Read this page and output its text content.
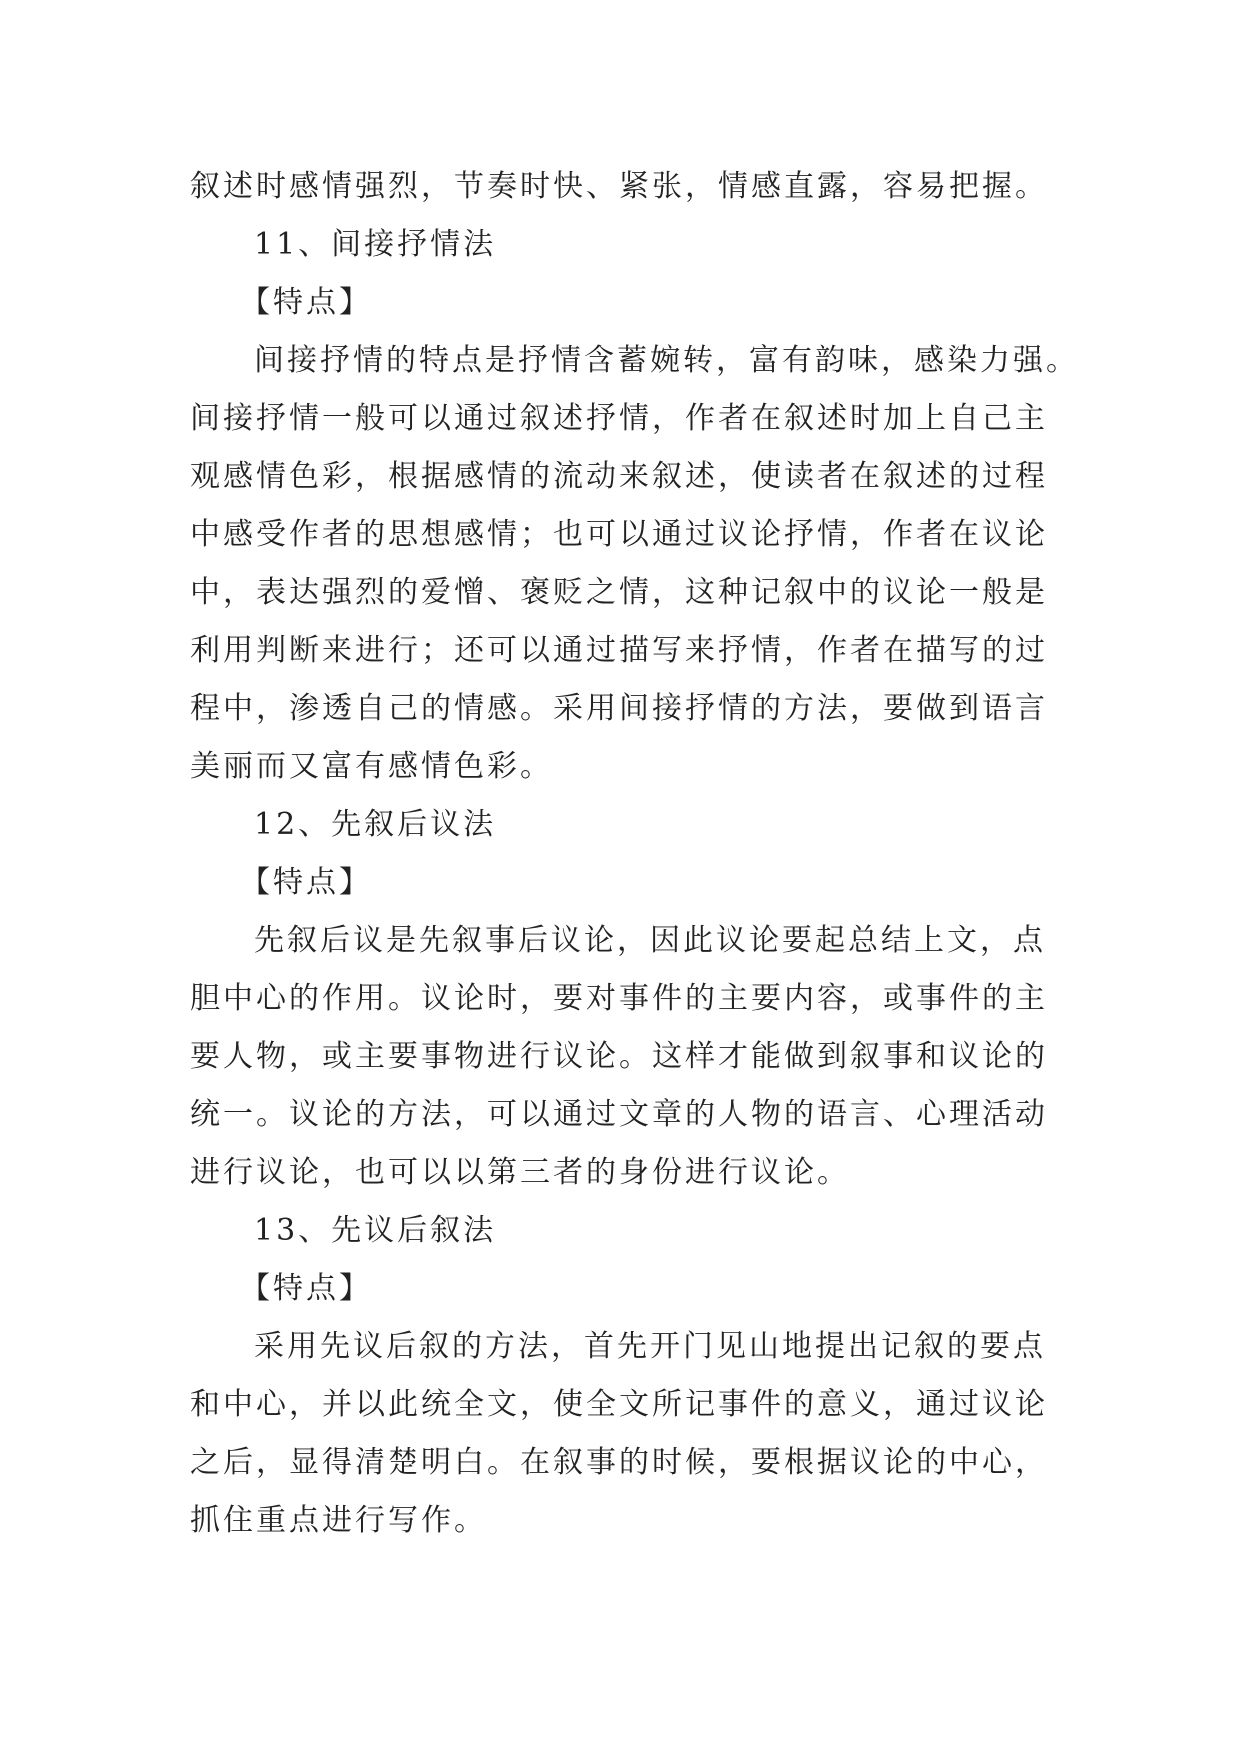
叙述时感情强烈，节奏时快、紧张，情感直露，容易把握。
11、间接抒情法
【特点】
间接抒情的特点是抒情含蓄婉转，富有韵味，感染力强。
间接抒情一般可以通过叙述抒情，作者在叙述时加上自己主
观感情色彩，根据感情的流动来叙述，使读者在叙述的过程
中感受作者的思想感情；也可以通过议论抒情，作者在议论
中，表达强烈的爱憎、褒贬之情，这种记叙中的议论一般是
利用判断来进行；还可以通过描写来抒情，作者在描写的过
程中，渗透自己的情感。采用间接抒情的方法，要做到语言
美丽而又富有感情色彩。
12、先叙后议法
【特点】
先叙后议是先叙事后议论，因此议论要起总结上文，点
胆中心的作用。议论时，要对事件的主要内容，或事件的主
要人物，或主要事物进行议论。这样才能做到叙事和议论的
统一。议论的方法，可以通过文章的人物的语言、心理活动
进行议论，也可以以第三者的身份进行议论。
13、先议后叙法
【特点】
采用先议后叙的方法，首先开门见山地提出记叙的要点
和中心，并以此统全文，使全文所记事件的意义，通过议论
之后，显得清楚明白。在叙事的时候，要根据议论的中心，
抓住重点进行写作。
